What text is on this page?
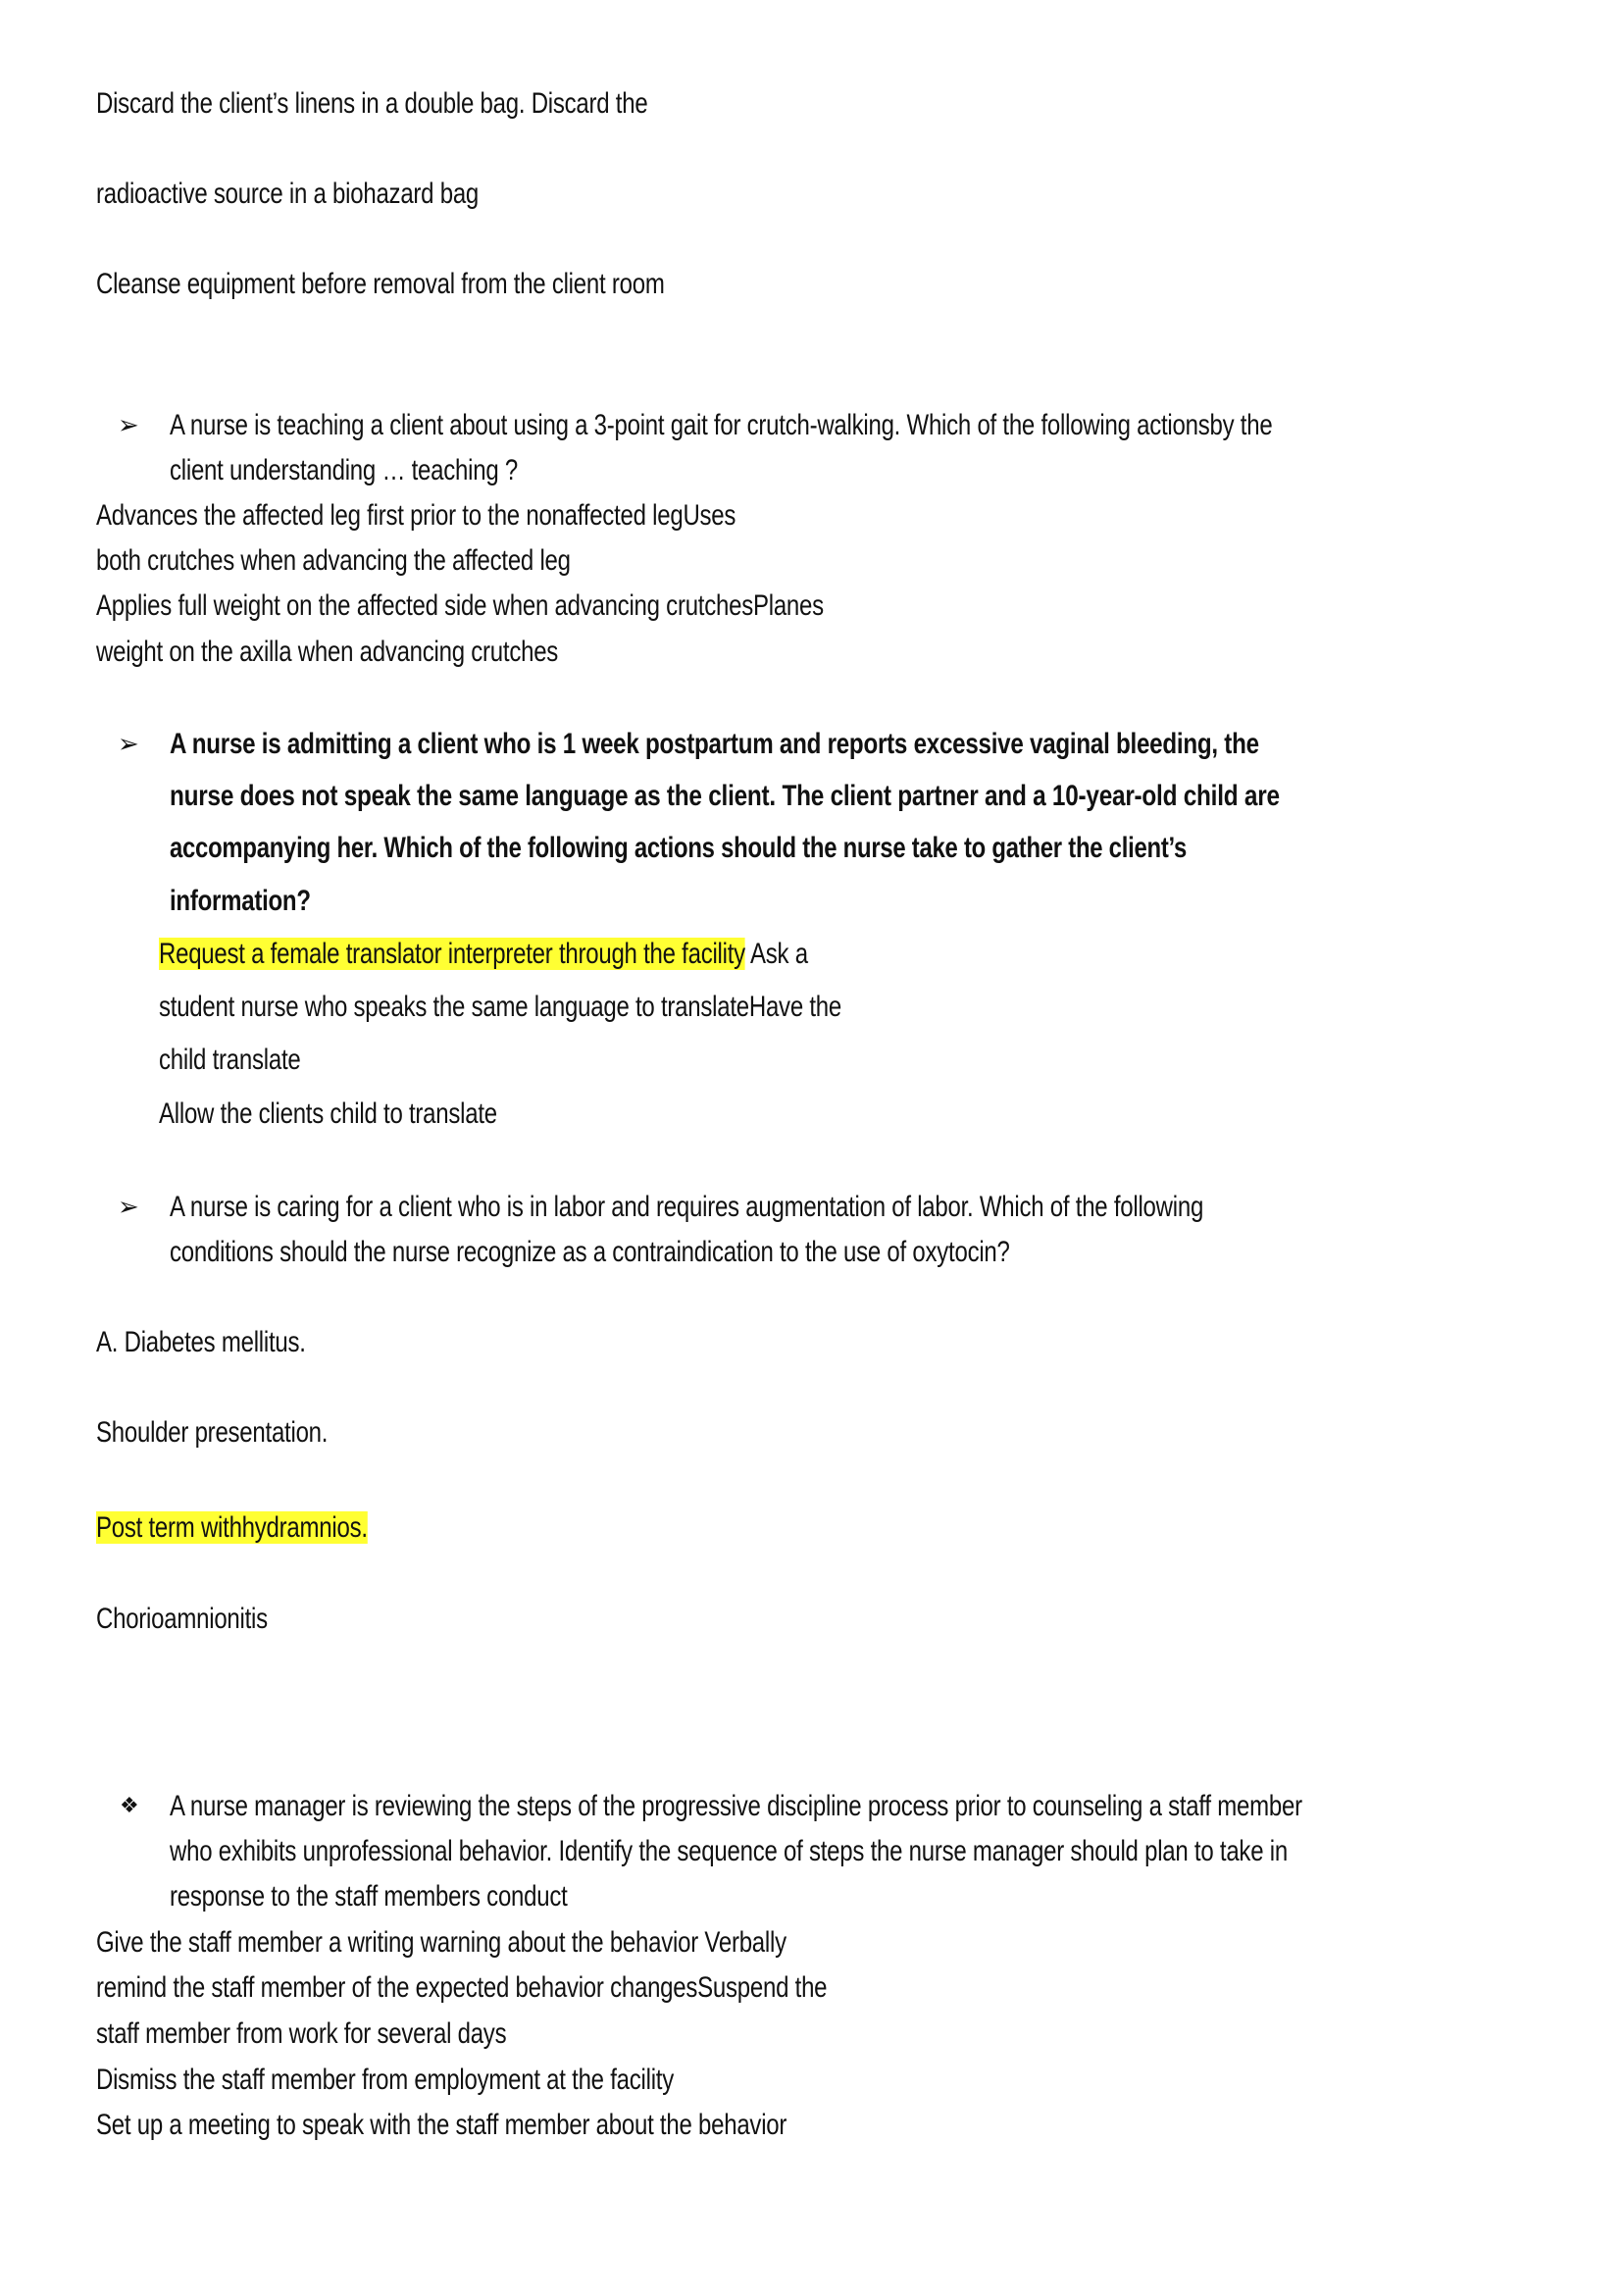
Discard the client’s linens in a double bag. Discard the
radioactive source in a biohazard bag
Cleanse equipment before removal from the client room
➢ A nurse is teaching a client about using a 3-point gait for crutch-walking. Which of the following actionsby the
client understanding … teaching ?
Advances the affected leg first prior to the nonaffected legUses
both crutches when advancing the affected leg
Applies full weight on the affected side when advancing crutchesPlanes
weight on the axilla when advancing crutches
➢ A nurse is admitting a client who is 1 week postpartum and reports excessive vaginal bleeding, the
nurse does not speak the same language as the client. The client partner and a 10-year-old child are
accompanying her. Which of the following actions should the nurse take to gather the client’s
information?
Request a female translator interpreter through the facility Ask a
student nurse who speaks the same language to translateHave the
child translate
Allow the clients child to translate
➢ A nurse is caring for a client who is in labor and requires augmentation of labor. Which of the following
conditions should the nurse recognize as a contraindication to the use of oxytocin?
A. Diabetes mellitus.
Shoulder presentation.
Post term withhydramnios.
Chorioamnionitis
❖ A nurse manager is reviewing the steps of the progressive discipline process prior to counseling a staff member
who exhibits unprofessional behavior. Identify the sequence of steps the nurse manager should plan to take in
response to the staff members conduct
Give the staff member a writing warning about the behavior Verbally
remind the staff member of the expected behavior changesSuspend the
staff member from work for several days
Dismiss the staff member from employment at the facility
Set up a meeting to speak with the staff member about the behavior
